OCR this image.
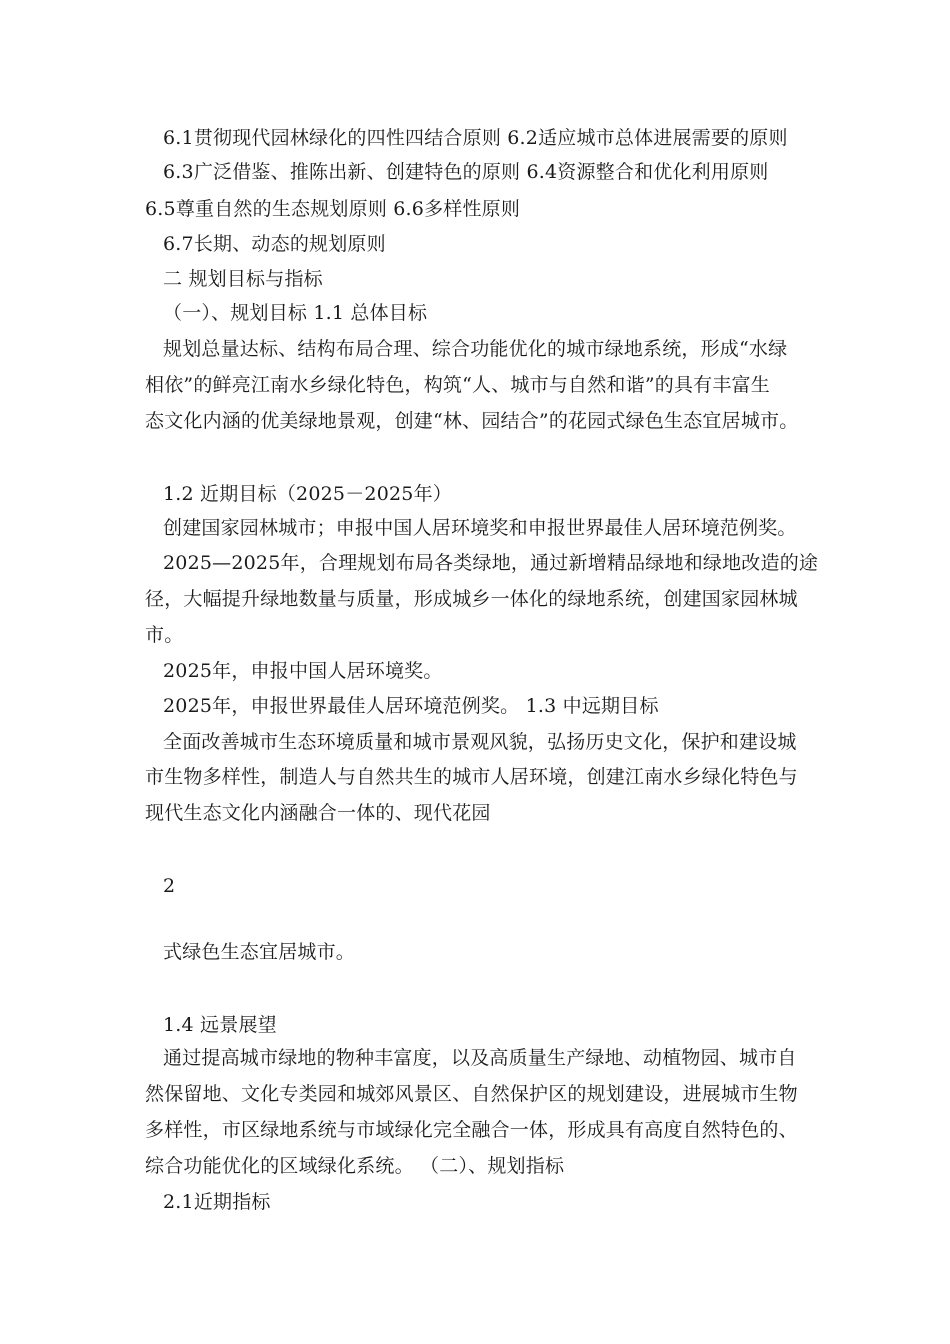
6.1贯彻现代园林绿化的四性四结合原则 6.2适应城市总体进展需要的原则
6.3广泛借鉴、推陈出新、创建特色的原则 6.4资源整合和优化利用原则
6.5尊重自然的生态规划原则 6.6多样性原则
6.7长期、动态的规划原则
二 规划目标与指标
（一）、规划目标 1.1 总体目标
规划总量达标、结构布局合理、综合功能优化的城市绿地系统，形成“水绿
相依”的鲜亮江南水乡绿化特色，构筑“人、城市与自然和谐”的具有丰富生
态文化内涵的优美绿地景观，创建“林、园结合”的花园式绿色生态宜居城市。
1.2 近期目标（2025－2025年）
创建国家园林城市；申报中国人居环境奖和申报世界最佳人居环境范例奖。
2025—2025年，合理规划布局各类绿地，通过新增精品绿地和绿地改造的途
径，大幅提升绿地数量与质量，形成城乡一体化的绿地系统，创建国家园林城
市。
2025年，申报中国人居环境奖。
2025年，申报世界最佳人居环境范例奖。 1.3 中远期目标
全面改善城市生态环境质量和城市景观风貌，弘扬历史文化，保护和建设城
市生物多样性，制造人与自然共生的城市人居环境，创建江南水乡绿化特色与
现代生态文化内涵融合一体的、现代花园
2
式绿色生态宜居城市。
1.4 远景展望
通过提高城市绿地的物种丰富度，以及高质量生产绿地、动植物园、城市自
然保留地、文化专类园和城郊风景区、自然保护区的规划建设，进展城市生物
多样性，市区绿地系统与市域绿化完全融合一体，形成具有高度自然特色的、
综合功能优化的区域绿化系统。 （二）、规划指标
2.1近期指标
